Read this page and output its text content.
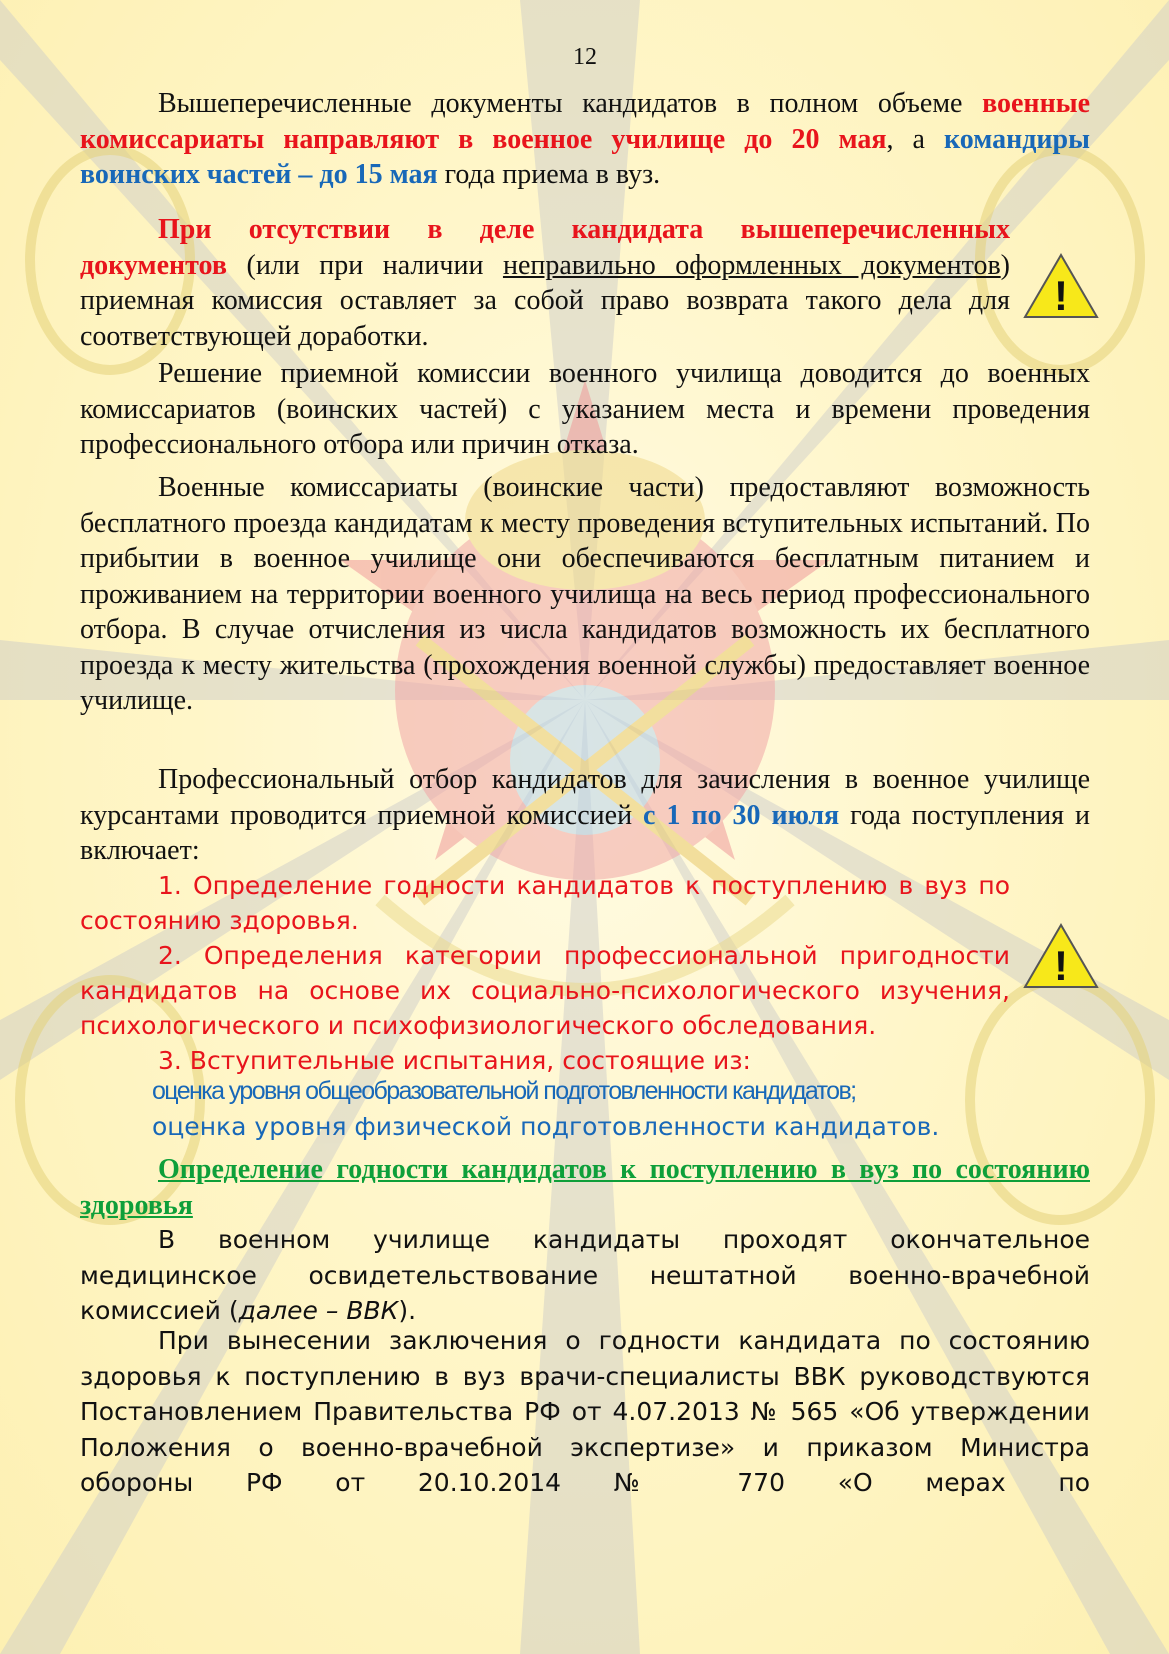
!
!
12

Вышеперечисленные документы кандидатов в полном объеме военные комиссариаты направляют в военное училище до 20 мая, а командиры воинских частей – до 15 мая года приема в вуз.

При отсутствии в деле кандидата вышеперечисленных документов (или при наличии неправильно оформленных документов) приемная комиссия оставляет за собой право возврата такого дела для соответствующей доработки.

Решение приемной комиссии военного училища доводится до военных комиссариатов (воинских частей) с указанием места и времени проведения профессионального отбора или причин отказа.

Военные комиссариаты (воинские части) предоставляют возможность бесплатного проезда кандидатам к месту проведения вступительных испытаний. По прибытии в военное училище они обеспечиваются бесплатным питанием и проживанием на территории военного училища на весь период профессионального отбора. В случае отчисления из числа кандидатов возможность их бесплатного проезда к месту жительства (прохождения военной службы) предоставляет военное училище.

Профессиональный отбор кандидатов для зачисления в военное училище курсантами проводится приемной комиссией с 1 по 30 июля года поступления и включает:

1. Определение годности кандидатов к поступлению в вуз по состоянию здоровья.

2. Определения категории профессиональной пригодности кандидатов на основе их социально-психологического изучения, психологического и психофизиологического обследования.

3. Вступительные испытания, состоящие из:

оценка уровня общеобразовательной подготовленности кандидатов;

оценка уровня физической подготовленности кандидатов.

Определение годности кандидатов к поступлению в вуз по состоянию здоровья

В военном училище кандидаты проходят окончательное медицинское освидетельствование нештатной военно-врачебной комиссией (далее – ВВК).

При вынесении заключения о годности кандидата по состоянию здоровья к поступлению в вуз врачи-специалисты ВВК руководствуются Постановлением Правительства РФ от 4.07.2013 № 565 «Об утверждении Положения о военно-врачебной экспертизе» и приказом Министра обороны РФ от 20.10.2014 № 770 «О мерах по
